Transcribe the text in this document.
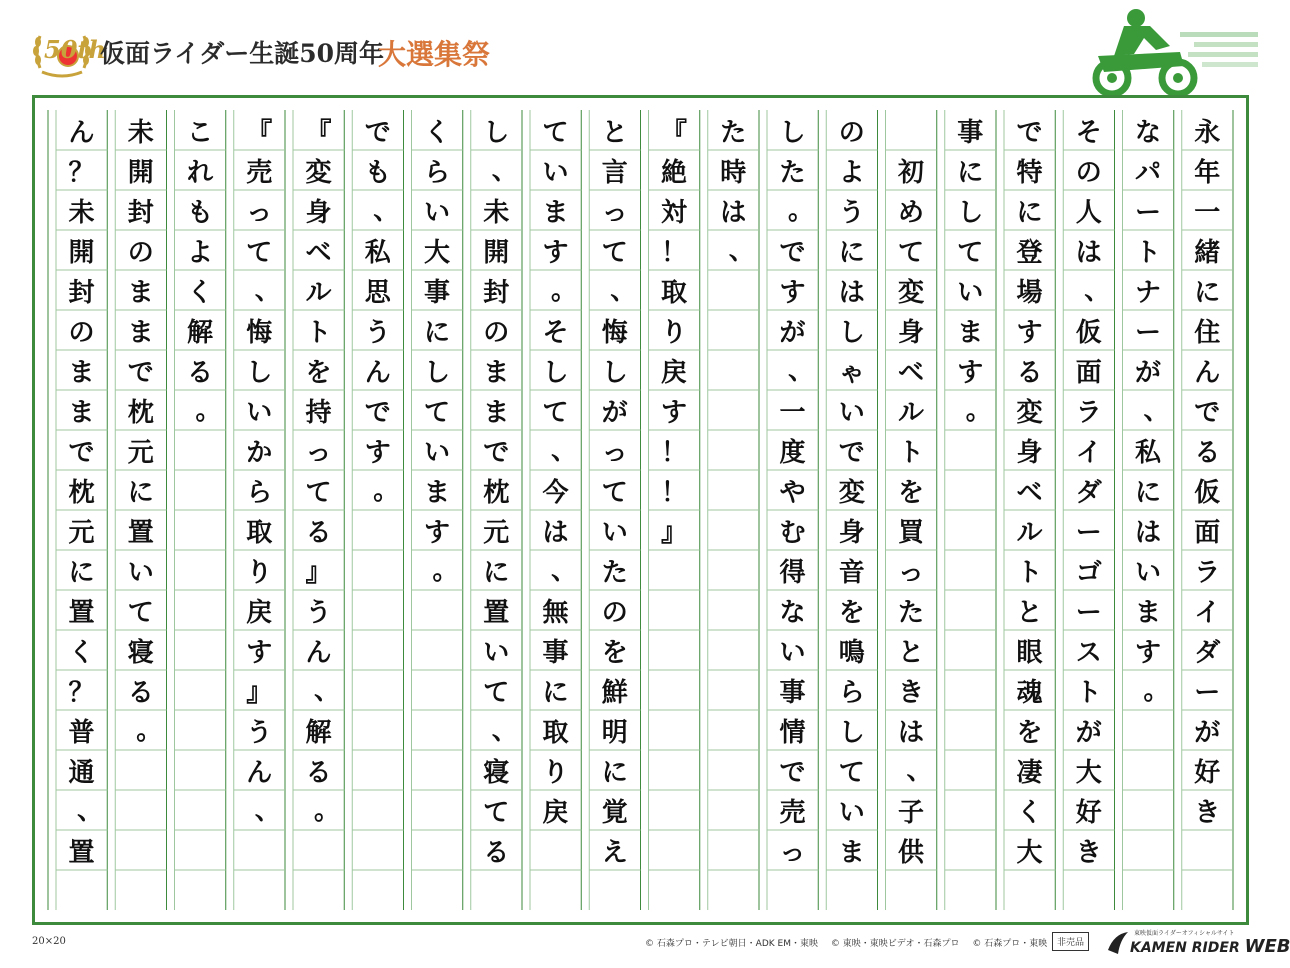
50th
仮面ライダー生誕50周年
大選集祭
永
年
一
緒
に
住
ん
で
る
仮
面
ラ
イ
ダ
ー
が
好
き
な
パ
ー
ト
ナ
ー
が
、
私
に
は
い
ま
す
。
そ
の
人
は
、
仮
面
ラ
イ
ダ
ー
ゴ
ー
ス
ト
が
大
好
き
で
特
に
登
場
す
る
変
身
ベ
ル
ト
と
眼
魂
を
凄
く
大
事
に
し
て
い
ま
す
。

初
め
て
変
身
ベ
ル
ト
を
買
っ
た
と
き
は
、
子
供
の
よ
う
に
は
し
ゃ
い
で
変
身
音
を
鳴
ら
し
て
い
ま
し
た
。
で
す
が
、
一
度
や
む
得
な
い
事
情
で
売
っ
た
時
は
、
『
絶
対
！
取
り
戻
す
！
！
』
と
言
っ
て
、
悔
し
が
っ
て
い
た
の
を
鮮
明
に
覚
え
て
い
ま
す
。
そ
し
て
、
今
は
、
無
事
に
取
り
戻
し
、
未
開
封
の
ま
ま
で
枕
元
に
置
い
て
、
寝
て
る
く
ら
い
大
事
に
し
て
い
ま
す
。
で
も
、
私
思
う
ん
で
す
。
『
変
身
ベ
ル
ト
を
持
っ
て
る
』
う
ん
、
解
る
。
『
売
っ
て
、
悔
し
い
か
ら
取
り
戻
す
』
う
ん
、
こ
れ
も
よ
く
解
る
。
未
開
封
の
ま
ま
で
枕
元
に
置
い
て
寝
る
。
ん
？
未
開
封
の
ま
ま
で
枕
元
に
置
く
？
普
通
、
置
20×20	© 石森プロ・テレビ朝日・ADK EM・東映 © 東映・東映ビデオ・石森プロ © 石森プロ・東映	非売品
東映仮面ライダーオフィシャルサイト
KAMEN RIDER WEB
